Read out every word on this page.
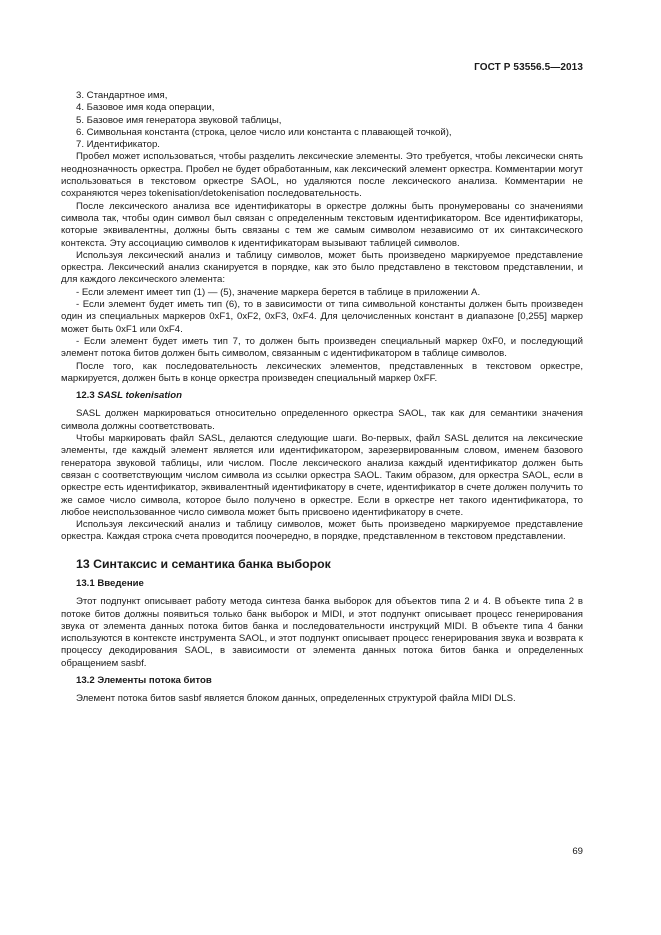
ГОСТ Р 53556.5—2013

3. Стандартное имя,

4. Базовое имя кода операции,

5. Базовое имя генератора звуковой таблицы,

6. Символьная константа (строка, целое число или константа с плавающей точкой),

7. Идентификатор.

Пробел может использоваться, чтобы разделить лексические элементы. Это требуется, чтобы лексически снять неоднозначность оркестра. Пробел не будет обработанным, как лексический элемент оркестра. Комментарии могут использоваться в текстовом оркестре SAOL, но удаляются после лексического анализа. Комментарии не сохраняются через tokenisation/detokenisation последовательность.

После лексического анализа все идентификаторы в оркестре должны быть пронумерованы со значениями символа так, чтобы один символ был связан с определенным текстовым идентификатором. Все идентификаторы, которые эквивалентны, должны быть связаны с тем же самым символом независимо от их синтаксического контекста. Эту ассоциацию символов к идентификаторам вызывают таблицей символов.

Используя лексический анализ и таблицу символов, может быть произведено маркируемое представление оркестра. Лексический анализ сканируется в порядке, как это было представлено в текстовом представлении, и для каждого лексического элемента:

- Если элемент имеет тип (1) — (5), значение маркера берется в таблице в приложении А.

- Если элемент будет иметь тип (6), то в зависимости от типа символьной константы должен быть произведен один из специальных маркеров 0xF1, 0xF2, 0xF3, 0xF4. Для целочисленных констант в диапазоне [0,255] маркер может быть 0xF1 или 0xF4.

- Если элемент будет иметь тип 7, то должен быть произведен специальный маркер 0xF0, и последующий элемент потока битов должен быть символом, связанным с идентификатором в таблице символов.

После того, как последовательность лексических элементов, представленных в текстовом оркестре, маркируется, должен быть в конце оркестра произведен специальный маркер 0xFF.

12.3 SASL tokenisation

SASL должен маркироваться относительно определенного оркестра SAOL, так как для семантики значения символа должны соответствовать.

Чтобы маркировать файл SASL, делаются следующие шаги. Во-первых, файл SASL делится на лексические элементы, где каждый элемент является или идентификатором, зарезервированным словом, именем базового генератора звуковой таблицы, или числом. После лексического анализа каждый идентификатор должен быть связан с соответствующим числом символа из ссылки оркестра SAOL. Таким образом, для оркестра SAOL, если в оркестре есть идентификатор, эквивалентный идентификатору в счете, идентификатор в счете должен получить то же самое число символа, которое было получено в оркестре. Если в оркестре нет такого идентификатора, то любое неиспользованное число символа может быть присвоено идентификатору в счете.

Используя лексический анализ и таблицу символов, может быть произведено маркируемое представление оркестра. Каждая строка счета проводится поочередно, в порядке, представленном в текстовом представлении.

13 Синтаксис и семантика банка выборок
13.1 Введение

Этот подпункт описывает работу метода синтеза банка выборок для объектов типа 2 и 4. В объекте типа 2 в потоке битов должны появиться только банк выборок и MIDI, и этот подпункт описывает процесс генерирования звука от элемента данных потока битов банка и последовательности инструкций MIDI. В объекте типа 4 банки используются в контексте инструмента SAOL, и этот подпункт описывает процесс генерирования звука и возврата к процессу декодирования SAOL, в зависимости от элемента данных потока битов банка и определенных обращением sasbf.

13.2 Элементы потока битов

Элемент потока битов sasbf является блоком данных, определенных структурой файла MIDI DLS.

69
